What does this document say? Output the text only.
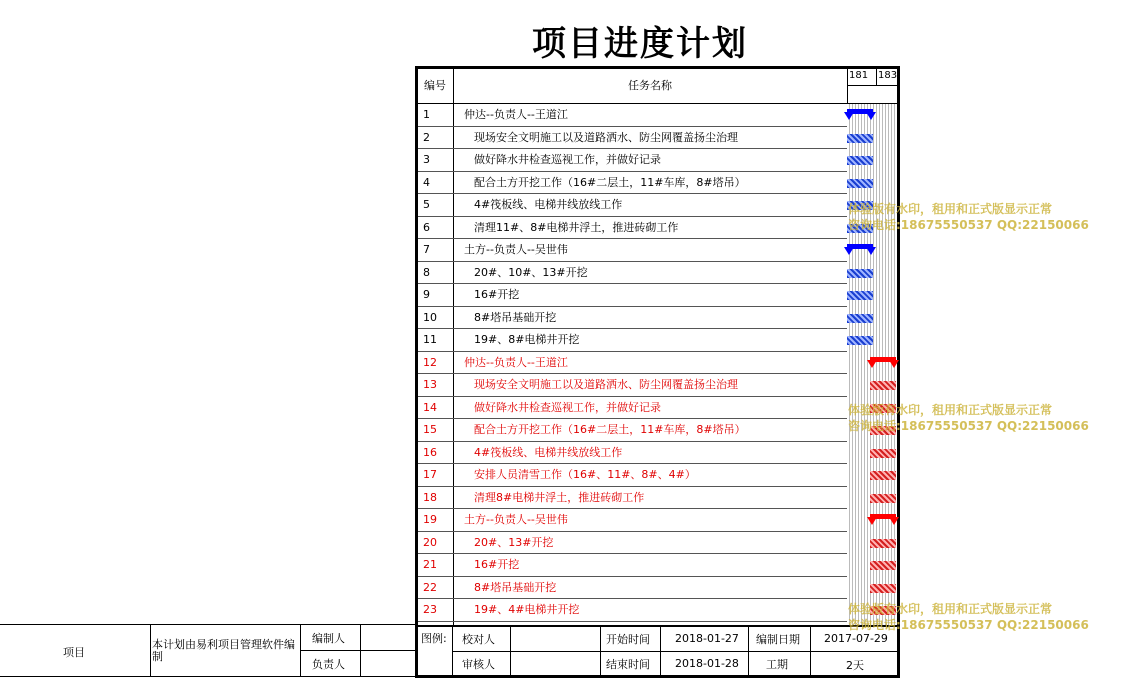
项目进度计划
编号	任务名称
181 183
1	仲达--负责人--王道江
2	现场安全文明施工以及道路洒水、防尘网覆盖扬尘治理
3	做好降水井检查巡视工作，并做好记录
4	配合土方开挖工作（16#二层土，11#车库，8#塔吊）
5	4#筏板线、电梯井线放线工作
6	清理11#、8#电梯井浮土，推进砖砌工作
7	土方--负责人--吴世伟
8	20#、10#、13#开挖
9	16#开挖
10	8#塔吊基础开挖
11	19#、8#电梯井开挖
12 仲达--负责人--王道江
13	现场安全文明施工以及道路洒水、防尘网覆盖扬尘治理
14	做好降水井检查巡视工作，并做好记录
15	配合土方开挖工作（16#二层土，11#车库，8#塔吊）
16	4#筏板线、电梯井线放线工作
17	安排人员清雪工作（16#、11#、8#、4#）
18	清理8#电梯井浮土，推进砖砌工作
19 土方--负责人--吴世伟
20	20#、13#开挖
21	16#开挖
22	8#塔吊基础开挖
23	19#、4#电梯井开挖
图例: 校对人	开始时间 2018-01-27 编制日期 2017-07-29
审核人	结束时间 2018-01-28 工期	2天
项目
本计划由易利项目管理软件编制
编制人
负责人
体验版有水印，租用和正式版显示正常
咨询电话:18675550537 QQ:22150066
体验版有水印，租用和正式版显示正常
咨询电话:18675550537 QQ:22150066
体验版有水印，租用和正式版显示正常
咨询电话:18675550537 QQ:22150066
